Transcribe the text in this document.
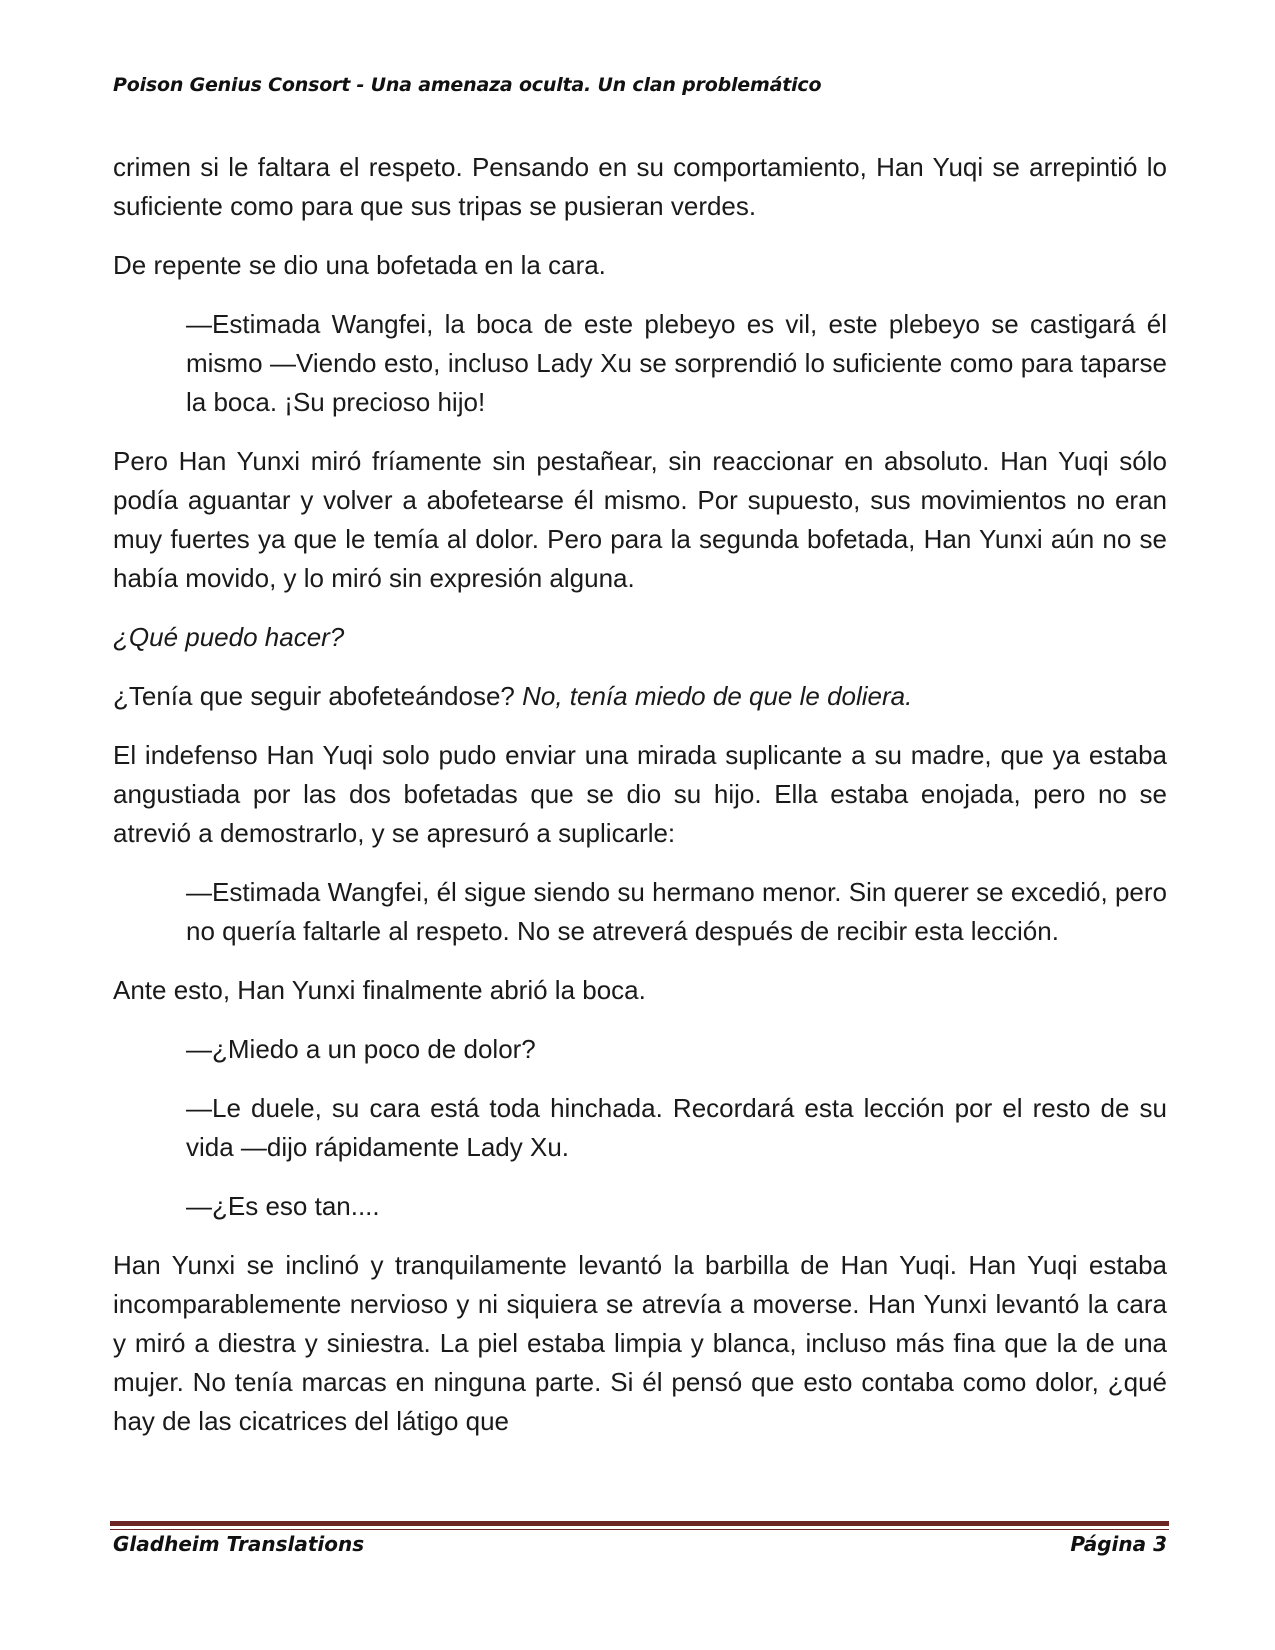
Poison Genius Consort - Una amenaza oculta. Un clan problemático

crimen si le faltara el respeto. Pensando en su comportamiento, Han Yuqi se arrepintió lo suficiente como para que sus tripas se pusieran verdes.

De repente se dio una bofetada en la cara.

—Estimada Wangfei, la boca de este plebeyo es vil, este plebeyo se castigará él mismo —Viendo esto, incluso Lady Xu se sorprendió lo suficiente como para taparse la boca. ¡Su precioso hijo!

Pero Han Yunxi miró fríamente sin pestañear, sin reaccionar en absoluto. Han Yuqi sólo podía aguantar y volver a abofetearse él mismo. Por supuesto, sus movimientos no eran muy fuertes ya que le temía al dolor. Pero para la segunda bofetada, Han Yunxi aún no se había movido, y lo miró sin expresión alguna.

¿Qué puedo hacer?

¿Tenía que seguir abofeteándose? No, tenía miedo de que le doliera.

El indefenso Han Yuqi solo pudo enviar una mirada suplicante a su madre, que ya estaba angustiada por las dos bofetadas que se dio su hijo. Ella estaba enojada, pero no se atrevió a demostrarlo, y se apresuró a suplicarle:

—Estimada Wangfei, él sigue siendo su hermano menor. Sin querer se excedió, pero no quería faltarle al respeto. No se atreverá después de recibir esta lección.

Ante esto, Han Yunxi finalmente abrió la boca.

—¿Miedo a un poco de dolor?

—Le duele, su cara está toda hinchada. Recordará esta lección por el resto de su vida —dijo rápidamente Lady Xu.

—¿Es eso tan....

Han Yunxi se inclinó y tranquilamente levantó la barbilla de Han Yuqi. Han Yuqi estaba incomparablemente nervioso y ni siquiera se atrevía a moverse. Han Yunxi levantó la cara y miró a diestra y siniestra. La piel estaba limpia y blanca, incluso más fina que la de una mujer. No tenía marcas en ninguna parte. Si él pensó que esto contaba como dolor, ¿qué hay de las cicatrices del látigo que

Gladheim Translations	Página 3
